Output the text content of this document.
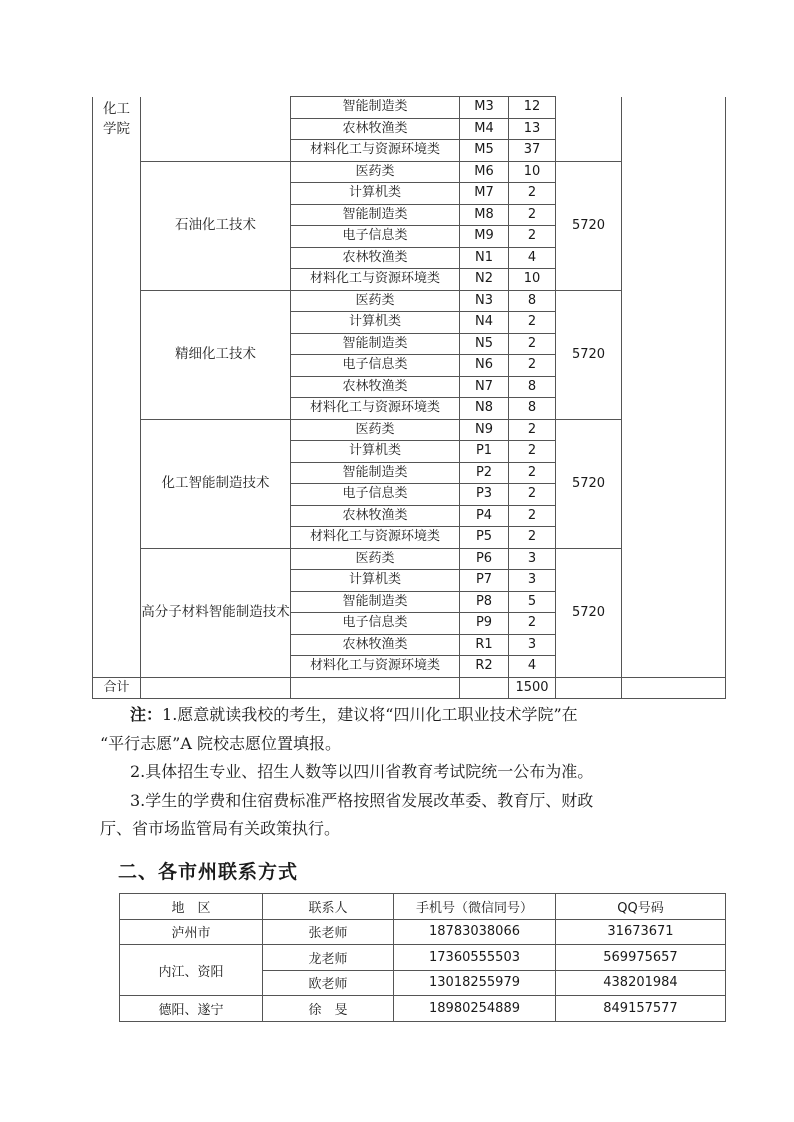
化工
学院		智能制造类	M3	12		
		农林牧渔类	M4	13		
		材料化工与资源环境类	M5	37		
	石油化工技术	医药类	M6	10	5720	
		计算机类	M7	2		
		智能制造类	M8	2		
		电子信息类	M9	2		
		农林牧渔类	N1	4		
		材料化工与资源环境类	N2	10		
	精细化工技术	医药类	N3	8	5720	
		计算机类	N4	2		
		智能制造类	N5	2		
		电子信息类	N6	2		
		农林牧渔类	N7	8		
		材料化工与资源环境类	N8	8		
	化工智能制造技术	医药类	N9	2	5720	
		计算机类	P1	2		
		智能制造类	P2	2		
		电子信息类	P3	2		
		农林牧渔类	P4	2		
		材料化工与资源环境类	P5	2		
	高分子材料智能制造技术	医药类	P6	3	5720	
		计算机类	P7	3		
		智能制造类	P8	5		
		电子信息类	P9	2		
		农林牧渔类	R1	3		
		材料化工与资源环境类	R2	4		
合计				1500		

注：1.愿意就读我校的考生，建议将“四川化工职业技术学院”在

“平行志愿”A 院校志愿位置填报。

2.具体招生专业、招生人数等以四川省教育考试院统一公布为准。

3.学生的学费和住宿费标准严格按照省发展改革委、教育厅、财政

厅、省市场监管局有关政策执行。

二、各市州联系方式
地　区	联系人	手机号（微信同号）	QQ号码
泸州市	张老师	18783038066	31673671
内江、资阳	龙老师	17360555503	569975657
	欧老师	13018255979	438201984
德阳、遂宁	徐　旻	18980254889	849157577
